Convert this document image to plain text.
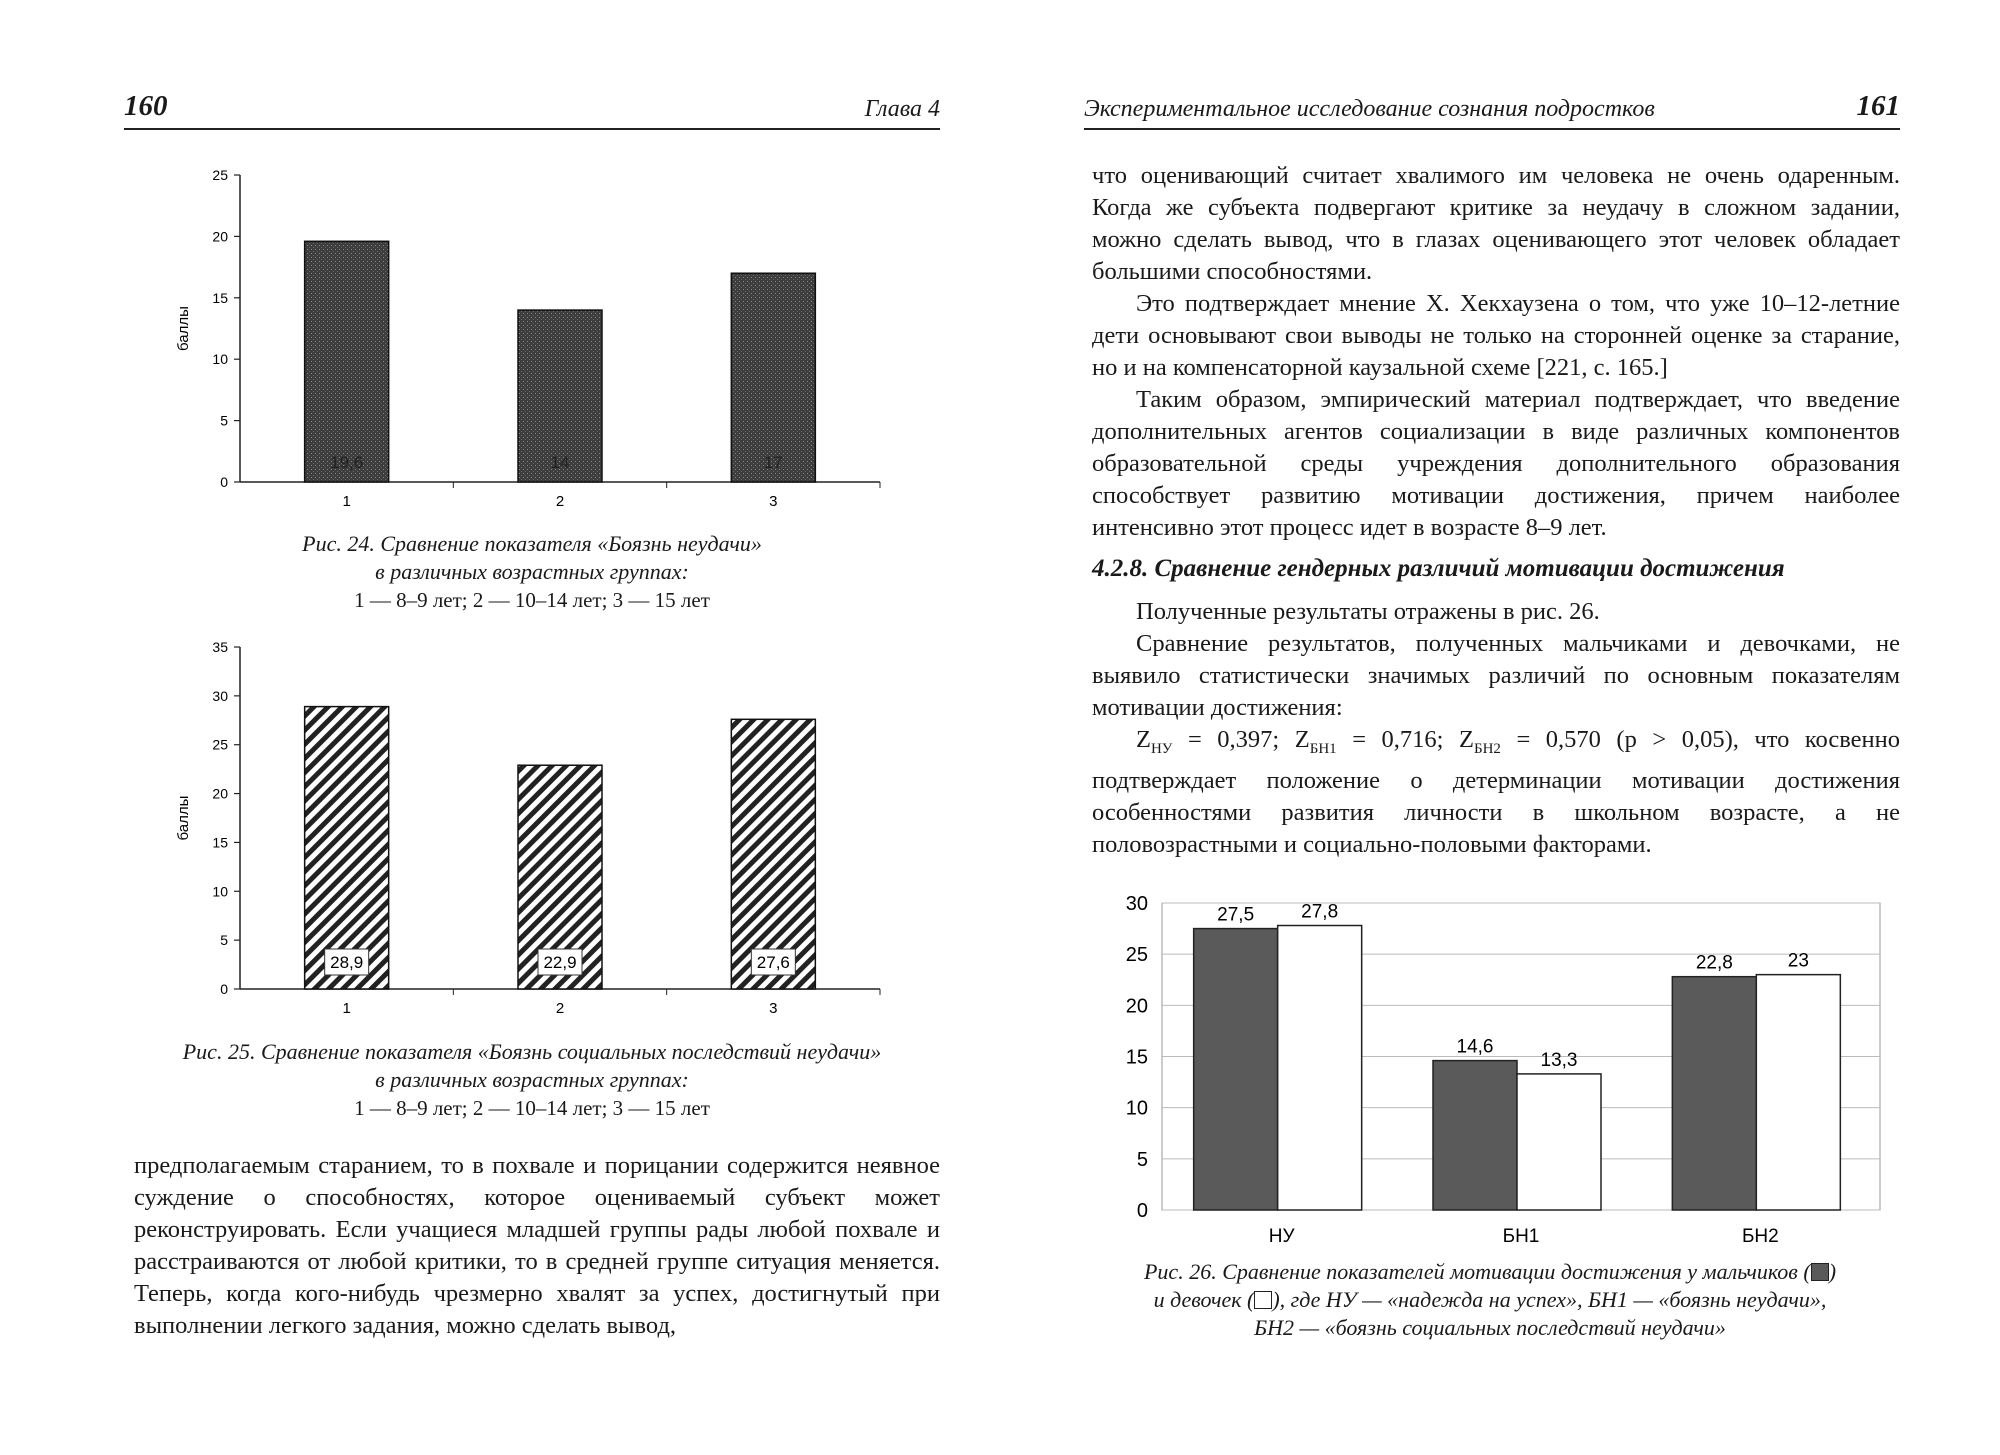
160	Глава 4
0
5
10
15
20
25
баллы
1
19,6
2
14
3
17
Рис. 24. Сравнение показателя «Боязнь неудачи»
в различных возрастных группах:
1 — 8–9 лет; 2 — 10–14 лет; 3 — 15 лет
0
5
10
15
20
25
30
35
баллы
1
28,9
2
22,9
3
27,6
Рис. 25. Сравнение показателя «Боязнь социальных последствий неудачи»
в различных возрастных группах:
1 — 8–9 лет; 2 — 10–14 лет; 3 — 15 лет

предполагаемым старанием, то в похвале и порицании содержится неявное суждение о способностях, которое оцениваемый субъект может реконструировать. Если учащиеся младшей группы рады любой похвале и расстраиваются от любой критики, то в средней группе ситуация меняется. Теперь, когда кого-нибудь чрезмерно хвалят за успех, достигнутый при выполнении легкого задания, можно сделать вывод,

Экспериментальное исследование сознания подростков	161

что оценивающий считает хвалимого им человека не очень одаренным. Когда же субъекта подвергают критике за неудачу в сложном задании, можно сделать вывод, что в глазах оценивающего этот человек обладает большими способностями.

Это подтверждает мнение Х. Хекхаузена о том, что уже 10–12-летние дети основывают свои выводы не только на сторонней оценке за старание, но и на компенсаторной каузальной схеме [221, с. 165.]

Таким образом, эмпирический материал подтверждает, что введение дополнительных агентов социализации в виде различных компонентов образовательной среды учреждения дополнительного образования способствует развитию мотивации достижения, причем наиболее интенсивно этот процесс идет в возрасте 8–9 лет.

4.2.8. Сравнение гендерных различий мотивации достижения

Полученные результаты отражены в рис. 26.

Сравнение результатов, полученных мальчиками и девочками, не выявило статистически значимых различий по основным показателям мотивации достижения:

$Z_{НУ} = 0,397$; $Z_{БН1} = 0,716$; $Z_{БН2} = 0,570$ (р > 0,05), что косвенно подтверждает положение о детерминации мотивации достижения особенностями развития личности в школьном возрасте, а не половозрастными и социально-половыми факторами.

0
5
10
15
20
25
30
27,5 27,8
НУ
14,6
13,3
БН1
22,8	23
БН2
Рис. 26. Сравнение показателей мотивации достижения у мальчиков ( )
и девочек ( ), где НУ — «надежда на успех», БН1 — «боязнь неудачи»,
БН2 — «боязнь социальных последствий неудачи»
